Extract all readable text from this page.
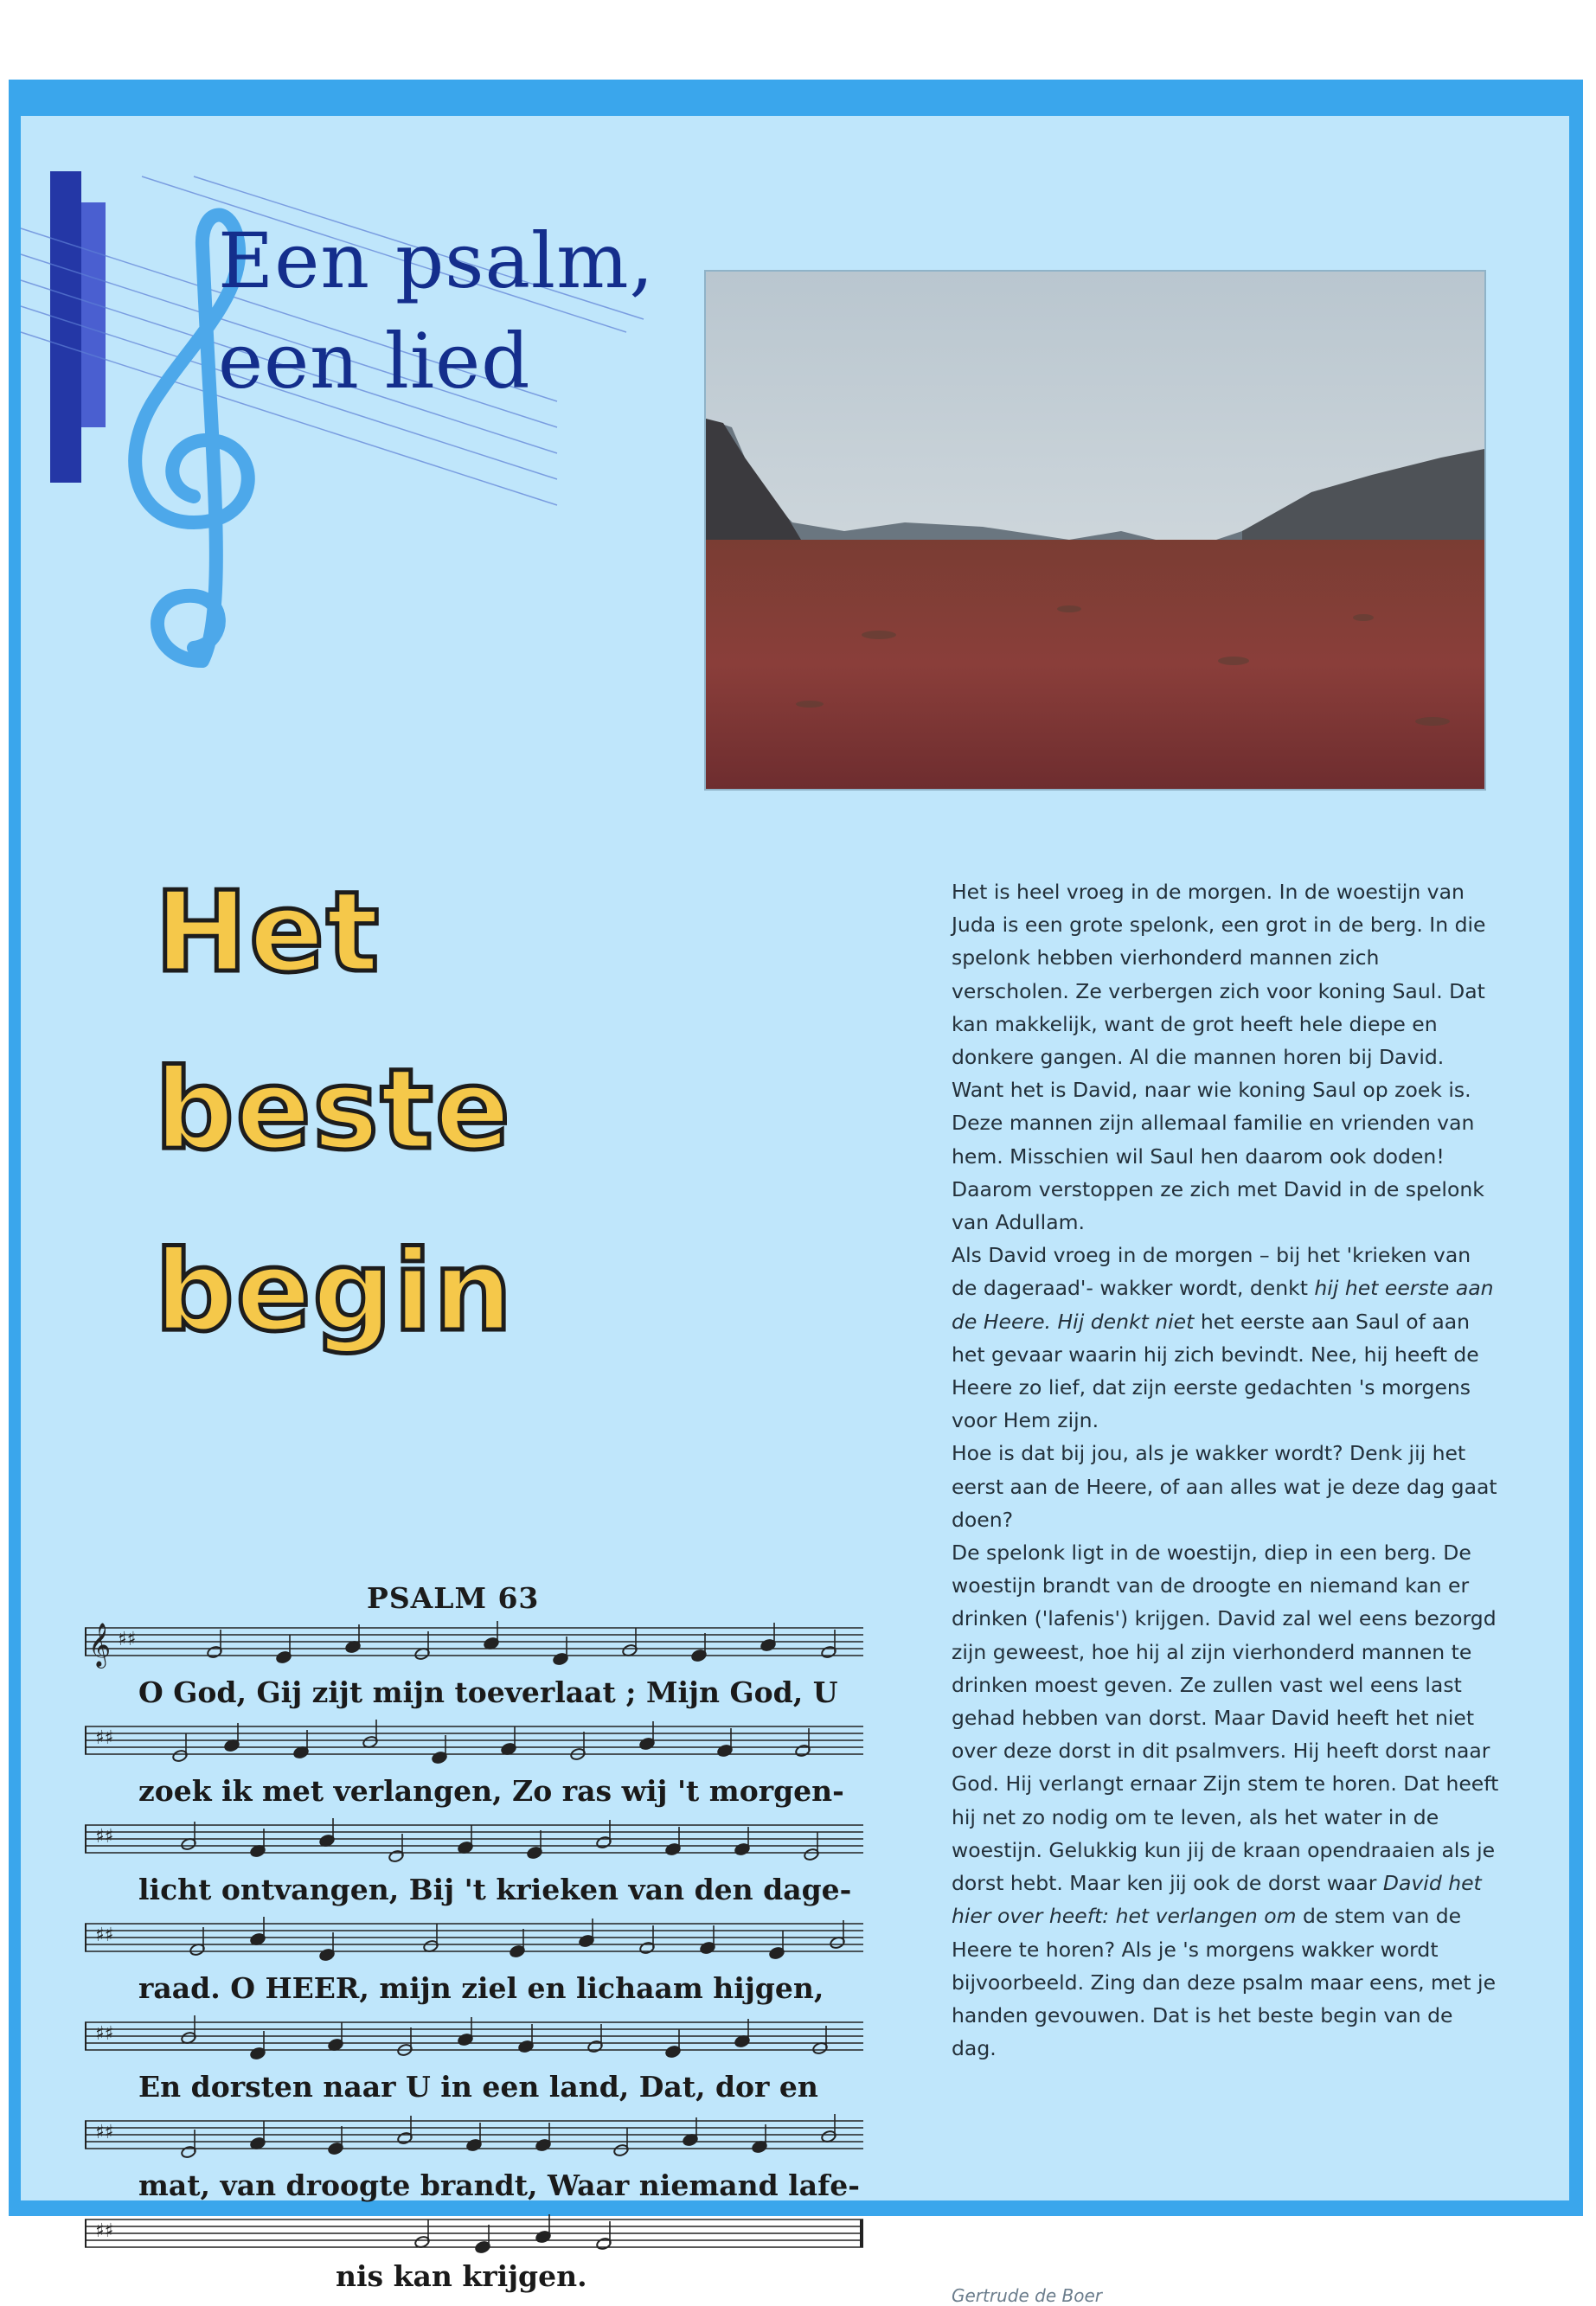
Een psalm,
een lied
Het
beste
begin

Het is heel vroeg in de morgen. In de woestijn van Juda is een grote spelonk, een grot in de berg. In die spelonk hebben vierhonderd mannen zich verscholen. Ze verbergen zich voor koning Saul. Dat kan makkelijk, want de grot heeft hele diepe en donkere gangen. Al die mannen horen bij David. Want het is David, naar wie koning Saul op zoek is. Deze mannen zijn allemaal familie en vrienden van hem. Misschien wil Saul hen daarom ook doden! Daarom verstoppen ze zich met David in de spelonk van Adullam.

Als David vroeg in de morgen – bij het 'krieken van de dageraad'- wakker wordt, denkt hij het eerste aan de Heere. Hij denkt niet het eerste aan Saul of aan het gevaar waarin hij zich bevindt. Nee, hij heeft de Heere zo lief, dat zijn eerste gedachten 's morgens voor Hem zijn.

Hoe is dat bij jou, als je wakker wordt? Denk jij het eerst aan de Heere, of aan alles wat je deze dag gaat doen?

De spelonk ligt in de woestijn, diep in een berg. De woestijn brandt van de droogte en niemand kan er drinken ('lafenis') krijgen. David zal wel eens bezorgd zijn geweest, hoe hij al zijn vierhonderd mannen te drinken moest geven. Ze zullen vast wel eens last gehad hebben van dorst. Maar David heeft het niet over deze dorst in dit psalmvers. Hij heeft dorst naar God. Hij verlangt ernaar Zijn stem te horen. Dat heeft hij net zo nodig om te leven, als het water in de woestijn. Gelukkig kun jij de kraan opendraaien als je dorst hebt. Maar ken jij ook de dorst waar David het hier over heeft: het verlangen om de stem van de Heere te horen? Als je 's morgens wakker wordt bijvoorbeeld. Zing dan deze psalm maar eens, met je handen gevouwen. Dat is het beste begin van de dag.

Gertrude de Boer
PSALM 63
♯♯
𝄞
O God, Gij zijt mijn toeverlaat ; Mijn God, U
♯♯
zoek ik met verlangen, Zo ras wij 't morgen-
♯♯
licht ontvangen, Bij 't krieken van den dage-
♯♯
raad. O HEER, mijn ziel en lichaam hijgen,
♯♯
En dorsten naar U in een land, Dat, dor en
♯♯
mat, van droogte brandt, Waar niemand lafe-
♯♯
nis kan krijgen.
